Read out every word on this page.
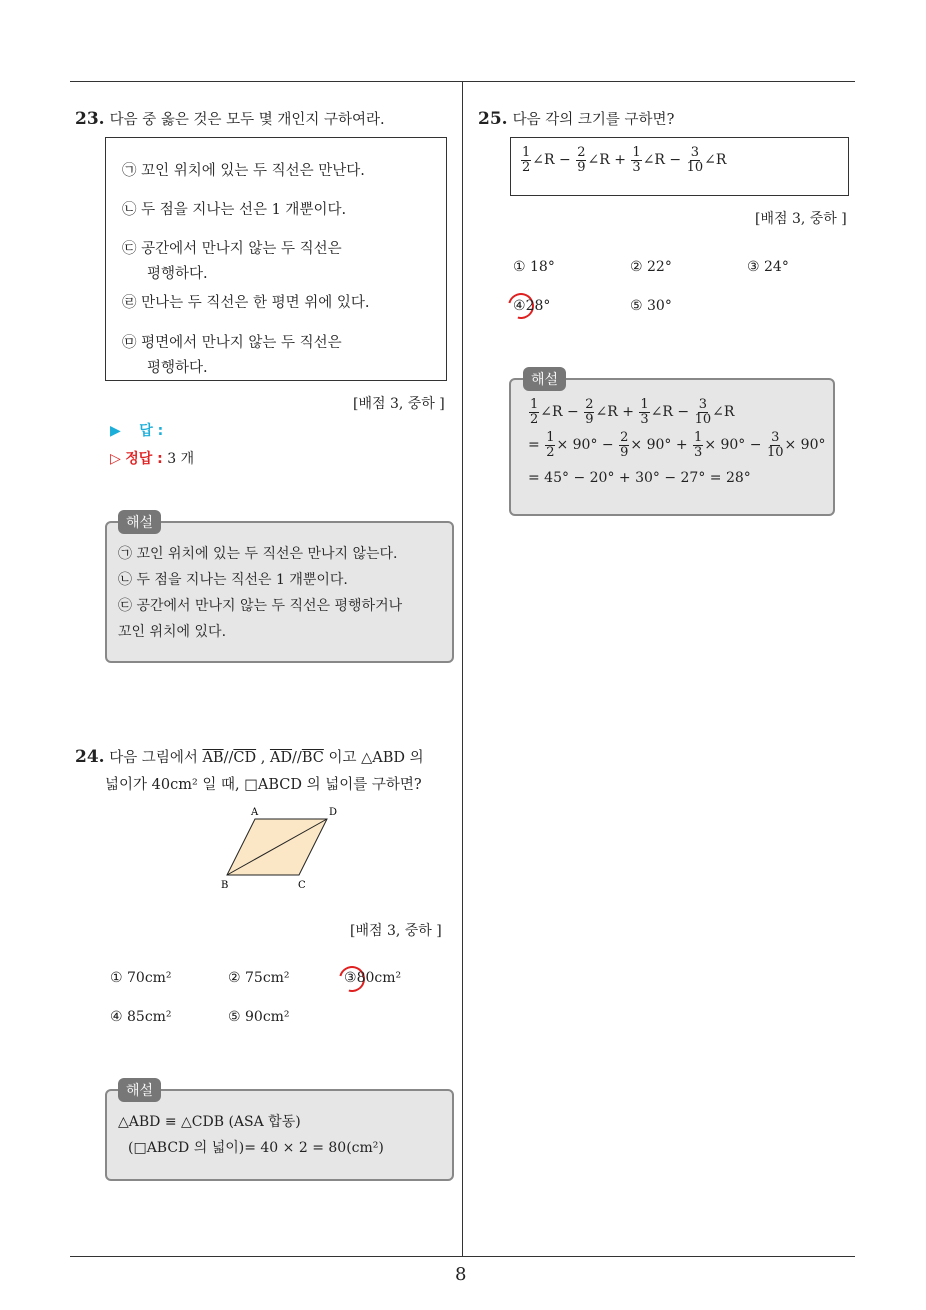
8
23. 다음 중 옳은 것은 모두 몇 개인지 구하여라.
㉠ 꼬인 위치에 있는 두 직선은 만난다.
㉡ 두 점을 지나는 선은 1 개뿐이다.
㉢ 공간에서 만나지 않는 두 직선은
평행하다.
㉣ 만나는 두 직선은 한 평면 위에 있다.
㉤ 평면에서 만나지 않는 두 직선은
평행하다.
[배점 3, 중하 ]
▶ 답 :
▷ 정답 : 3 개
해설
㉠ 꼬인 위치에 있는 두 직선은 만나지 않는다.
㉡ 두 점을 지나는 직선은 1 개뿐이다.
㉢ 공간에서 만나지 않는 두 직선은 평행하거나
꼬인 위치에 있다.
24. 다음 그림에서 $\overline{AB}//\overline{CD}$ , $\overline{AD}//\overline{BC}$ 이고 △ABD 의
넓이가 40cm² 일 때, □ABCD 의 넓이를 구하면?
A	D
B	C
[배점 3, 중하 ]
① 70cm²	② 75cm²	③80cm²
④ 85cm²	⑤ 90cm²
해설
△ABD ≡ △CDB (ASA 합동)
(□ABCD 의 넓이)= 40 × 2 = 80(cm²)
25. 다음 각의 크기를 구하면?
$\frac{1}{2}$ ∠R − $\frac{2}{9}$ ∠R + $\frac{1}{3}$ ∠R − $\frac{3}{10}$ ∠R
[배점 3, 중하 ]
① 18°	② 22°	③ 24°
④28°	⑤ 30°
해설
$\frac{1}{2}$ ∠R − $\frac{2}{9}$ ∠R + $\frac{1}{3}$ ∠R − $\frac{3}{10}$ ∠R
= $\frac{1}{2} \times 90^\circ - \frac{2}{9} \times 90^\circ + \frac{1}{3} \times 90^\circ - \frac{3}{10} \times 90^\circ$
= 45° − 20° + 30° − 27° = 28°
